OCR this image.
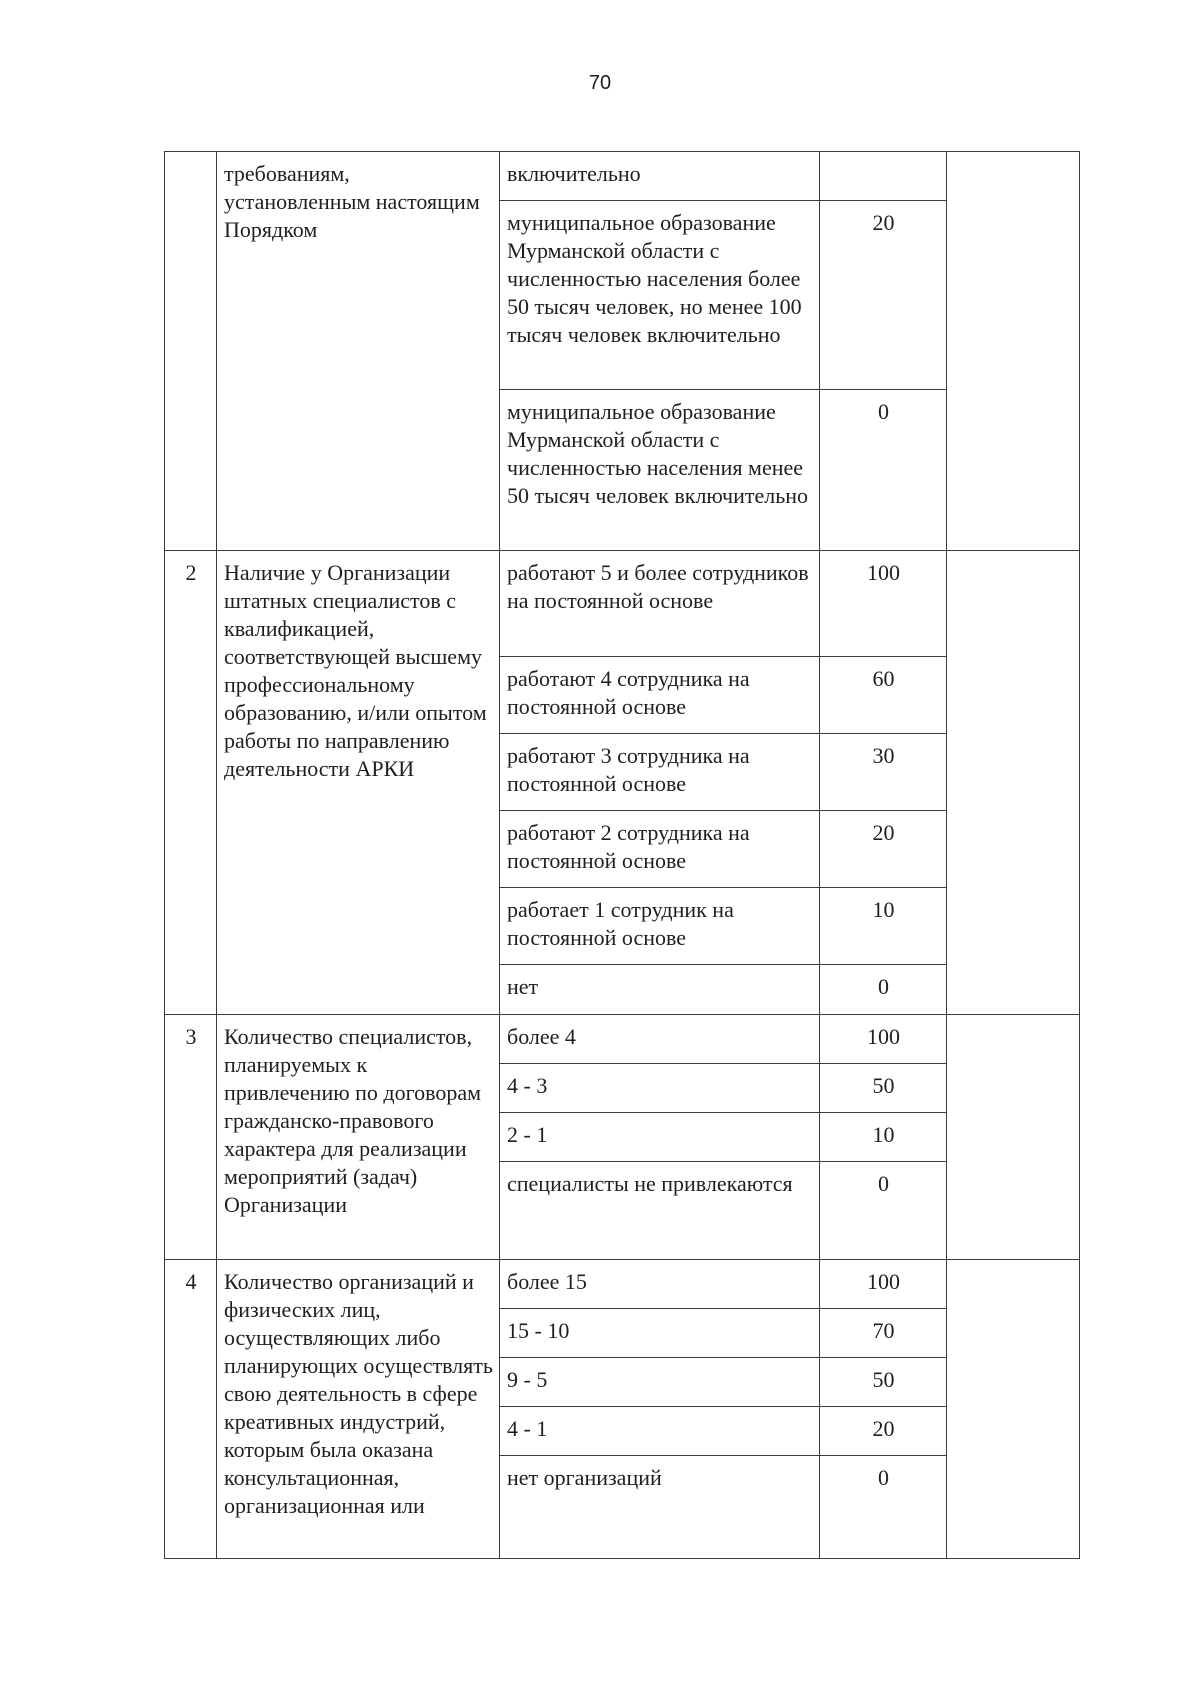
70
	требованиям, установленным настоящим Порядком	включительно		
		муниципальное образование Мурманской области с численностью населения более 50 тысяч человек, но менее 100 тысяч человек включительно	20	
		муниципальное образование Мурманской области с численностью населения менее 50 тысяч человек включительно	0	
2	Наличие у Организации штатных специалистов с квалификацией, соответствующей высшему профессиональному образованию, и/или опытом работы по направлению деятельности АРКИ	работают 5 и более сотрудников на постоянной основе	100	
		работают 4 сотрудника на постоянной основе	60	
		работают 3 сотрудника на постоянной основе	30	
		работают 2 сотрудника на постоянной основе	20	
		работает 1 сотрудник на постоянной основе	10	
		нет	0	
3	Количество специалистов, планируемых к привлечению по договорам гражданско-правового характера для реализации мероприятий (задач) Организации	более 4	100	
		4 - 3	50	
		2 - 1	10	
		специалисты не привлекаются	0	
4	Количество организаций и физических лиц, осуществляющих либо планирующих осуществлять свою деятельность в сфере креативных индустрий, которым была оказана консультационная, организационная или	более 15	100	
		15 - 10	70	
		9 - 5	50	
		4 - 1	20	
		нет организаций	0	
